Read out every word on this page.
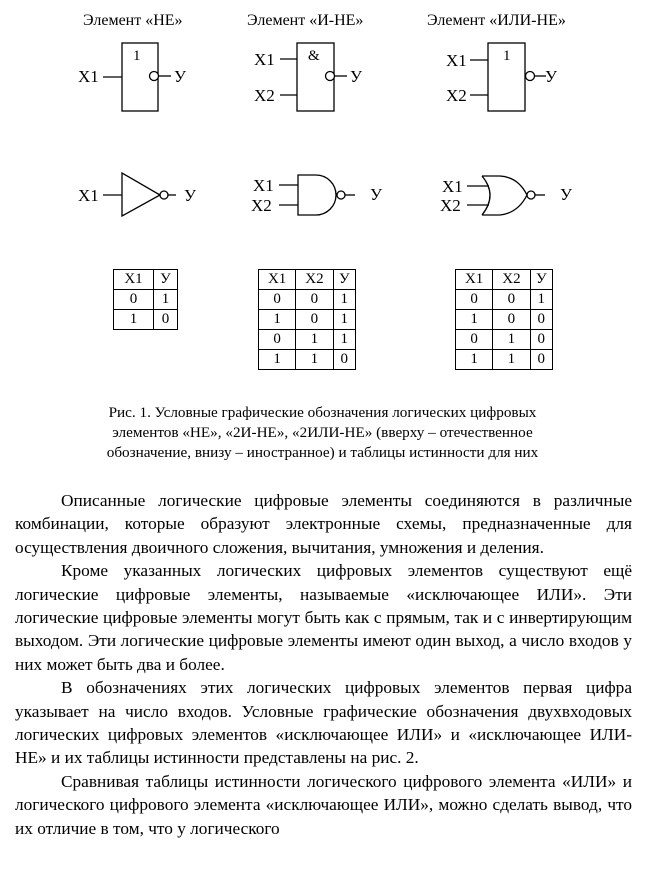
Элемент «НЕ»	Элемент «И-НЕ»	Элемент «ИЛИ-НЕ»
1	&	1
X1	У
X1
X2
У
X1
X2
У
X1	У
X1
X2
У	X1
X2
У
X1	У
0	1
1	0
X1	X2	У
0	0	1
1	0	1
0	1	1
1	1	0
X1	X2	У
0	0	1
1	0	0
0	1	0
1	1	0
Рис. 1. Условные графические обозначения логических цифровых
элементов «НЕ», «2И-НЕ», «2ИЛИ-НЕ» (вверху – отечественное
обозначение, внизу – иностранное) и таблицы истинности для них

Описанные логические цифровые элементы соединяются в различные комбинации, которые образуют электронные схемы, предназначенные для осуществления двоичного сложения, вычитания, умножения и деления.

Кроме указанных логических цифровых элементов существуют ещё логические цифровые элементы, называемые «исключающее ИЛИ». Эти логические цифровые элементы могут быть как с прямым, так и с инвертирующим выходом. Эти логические цифровые элементы имеют один выход, а число входов у них может быть два и более.

В обозначениях этих логических цифровых элементов первая цифра указывает на число входов. Условные графические обозначения двухвходовых логических цифровых элементов «исключающее ИЛИ» и «исключающее ИЛИ-НЕ» и их таблицы истинности представлены на рис. 2.

Сравнивая таблицы истинности логического цифрового элемента «ИЛИ» и логического цифрового элемента «исключающее ИЛИ», можно сделать вывод, что их отличие в том, что у логического
